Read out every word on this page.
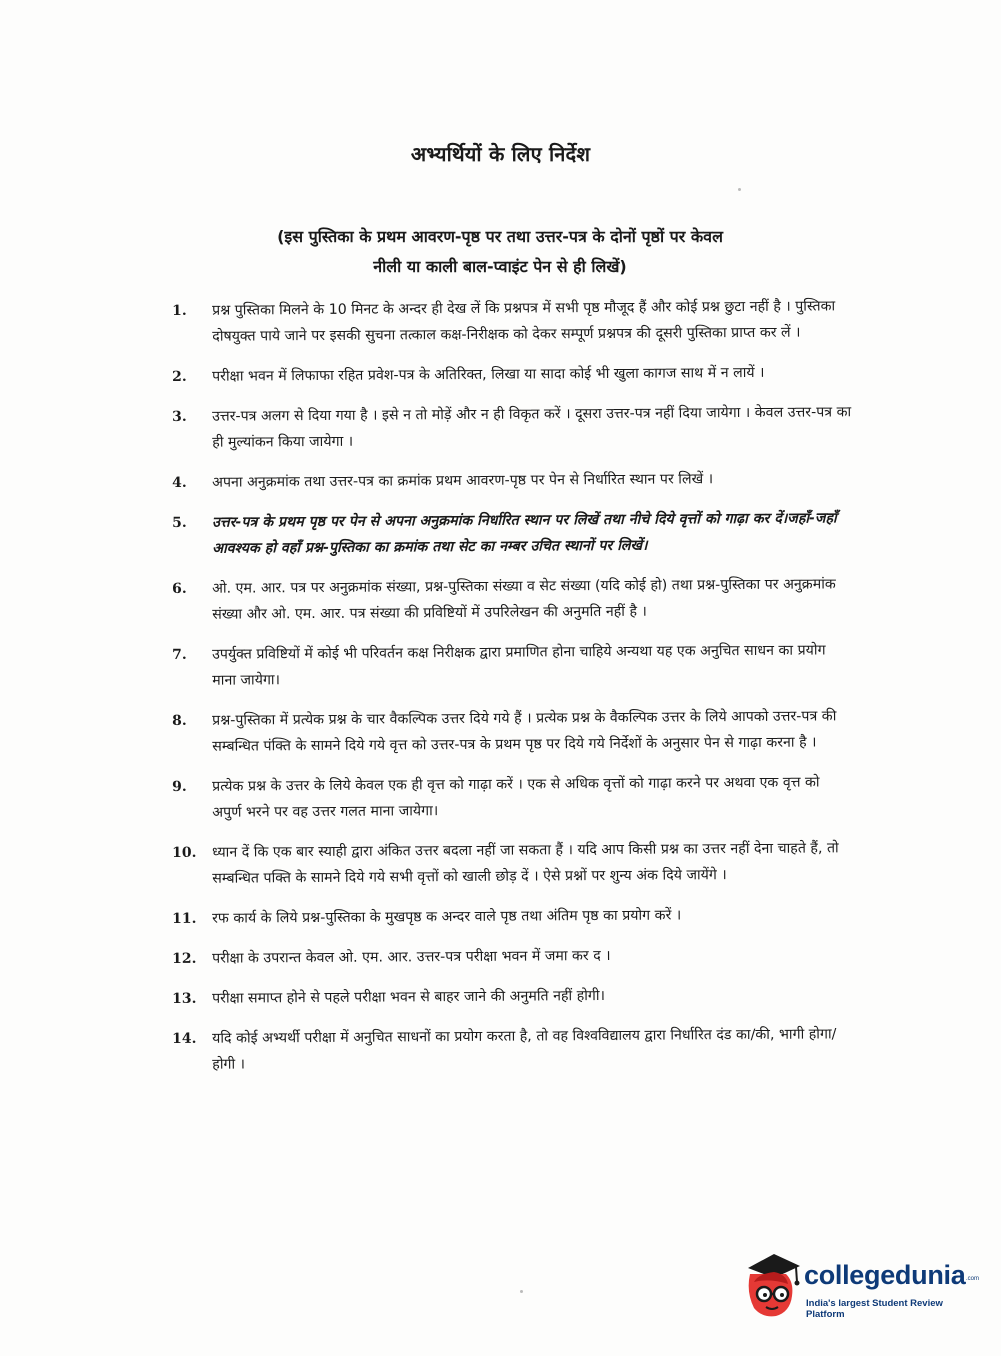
अभ्यर्थियों के लिए निर्देश
(इस पुस्तिका के प्रथम आवरण-पृष्ठ पर तथा उत्तर-पत्र के दोनों पृष्ठों पर केवल
नीली या काली बाल-प्वाइंट पेन से ही लिखें)
1.	प्रश्न पुस्तिका मिलने के 10 मिनट के अन्दर ही देख लें कि प्रश्नपत्र में सभी पृष्ठ मौजूद हैं और कोई प्रश्न छुटा नहीं है । पुस्तिका दोषयुक्त पाये जाने पर इसकी सुचना तत्काल कक्ष-निरीक्षक को देकर सम्पूर्ण प्रश्नपत्र की दूसरी पुस्तिका प्राप्त कर लें ।
2.	परीक्षा भवन में लिफाफा रहित प्रवेश-पत्र के अतिरिक्त, लिखा या सादा कोई भी खुला कागज साथ में न लायें ।
3.	उत्तर-पत्र अलग से दिया गया है । इसे न तो मोड़ें और न ही विकृत करें । दूसरा उत्तर-पत्र नहीं दिया जायेगा । केवल उत्तर-पत्र का ही मुल्यांकन किया जायेगा ।
4.	अपना अनुक्रमांक तथा उत्तर-पत्र का क्रमांक प्रथम आवरण-पृष्ठ पर पेन से निर्धारित स्थान पर लिखें ।
5.	उत्तर-पत्र के प्रथम पृष्ठ पर पेन से अपना अनुक्रमांक निर्धारित स्थान पर लिखें तथा नीचे दिये वृत्तों को गाढ़ा कर दें।जहाँ-जहाँ आवश्यक हो वहाँ प्रश्न-पुस्तिका का क्रमांक तथा सेट का नम्बर उचित स्थानों पर लिखें।
6.	ओ. एम. आर. पत्र पर अनुक्रमांक संख्या, प्रश्न-पुस्तिका संख्या व सेट संख्या (यदि कोई हो) तथा प्रश्न-पुस्तिका पर अनुक्रमांक संख्या और ओ. एम. आर. पत्र संख्या की प्रविष्टियों में उपरिलेखन की अनुमति नहीं है ।
7.	उपर्युक्त प्रविष्टियों में कोई भी परिवर्तन कक्ष निरीक्षक द्वारा प्रमाणित होना चाहिये अन्यथा यह एक अनुचित साधन का प्रयोग माना जायेगा।
8.	प्रश्न-पुस्तिका में प्रत्येक प्रश्न के चार वैकल्पिक उत्तर दिये गये हैं । प्रत्येक प्रश्न के वैकल्पिक उत्तर के लिये आपको उत्तर-पत्र की सम्बन्धित पंक्ति के सामने दिये गये वृत्त को उत्तर-पत्र के प्रथम पृष्ठ पर दिये गये निर्देशों के अनुसार पेन से गाढ़ा करना है ।
9.	प्रत्येक प्रश्न के उत्तर के लिये केवल एक ही वृत्त को गाढ़ा करें । एक से अधिक वृत्तों को गाढ़ा करने पर अथवा एक वृत्त को अपुर्ण भरने पर वह उत्तर गलत माना जायेगा।
10.	ध्यान दें कि एक बार स्याही द्वारा अंकित उत्तर बदला नहीं जा सकता हैं । यदि आप किसी प्रश्न का उत्तर नहीं देना चाहते हैं, तो सम्बन्धित पक्ति के सामने दिये गये सभी वृत्तों को खाली छोड़ दें । ऐसे प्रश्नों पर शुन्य अंक दिये जायेंगे ।
11.	रफ कार्य के लिये प्रश्न-पुस्तिका के मुखपृष्ठ क अन्दर वाले पृष्ठ तथा अंतिम पृष्ठ का प्रयोग करें ।
12.	परीक्षा के उपरान्त केवल ओ. एम. आर. उत्तर-पत्र परीक्षा भवन में जमा कर द ।
13.	परीक्षा समाप्त होने से पहले परीक्षा भवन से बाहर जाने की अनुमति नहीं होगी।
14.	यदि कोई अभ्यर्थी परीक्षा में अनुचित साधनों का प्रयोग करता है, तो वह विश्वविद्यालय द्वारा निर्धारित दंड का/की, भागी होगा/होगी ।
collegedunia .com
India's largest Student Review Platform
